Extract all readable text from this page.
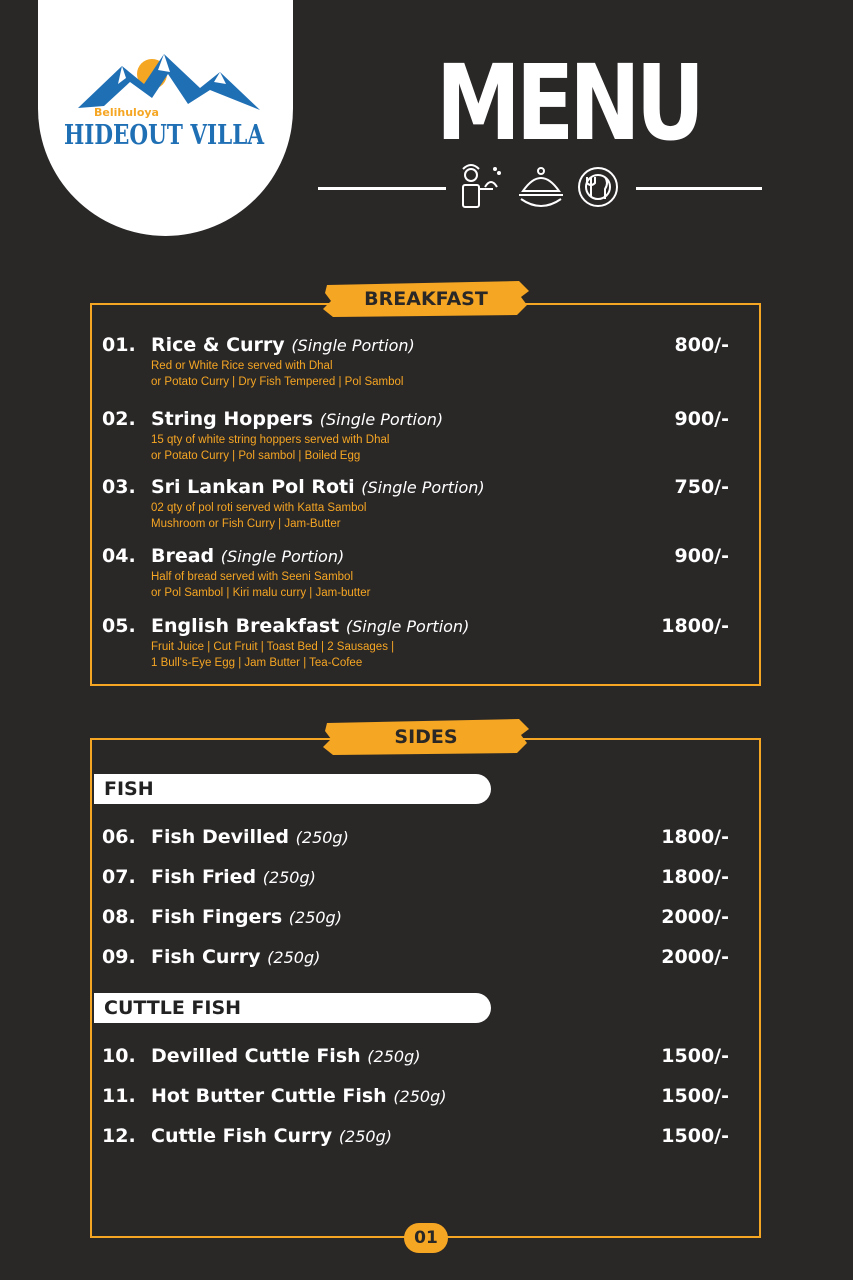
Belihuloya
HIDEOUT VILLA MENU
BREAKFAST
01. Rice & Curry (Single Portion)	800/-
Red or White Rice served with Dhal
or Potato Curry | Dry Fish Tempered | Pol Sambol
02. String Hoppers (Single Portion)	900/-
15 qty of white string hoppers served with Dhal
or Potato Curry | Pol sambol | Boiled Egg
03. Sri Lankan Pol Roti (Single Portion)	750/-
02 qty of pol roti served with Katta Sambol
Mushroom or Fish Curry | Jam-Butter
04. Bread (Single Portion)	900/-
Half of bread served with Seeni Sambol
or Pol Sambol | Kiri malu curry | Jam-butter
05. English Breakfast (Single Portion)	1800/-
Fruit Juice | Cut Fruit | Toast Bed | 2 Sausages |
1 Bull's-Eye Egg | Jam Butter | Tea-Cofee
SIDES
FISH
06. Fish Devilled (250g)	1800/-
07. Fish Fried (250g)	1800/-
08. Fish Fingers (250g)	2000/-
09. Fish Curry (250g)	2000/-
CUTTLE FISH
10. Devilled Cuttle Fish (250g)	1500/-
11. Hot Butter Cuttle Fish (250g)	1500/-
12. Cuttle Fish Curry (250g)	1500/-
01
